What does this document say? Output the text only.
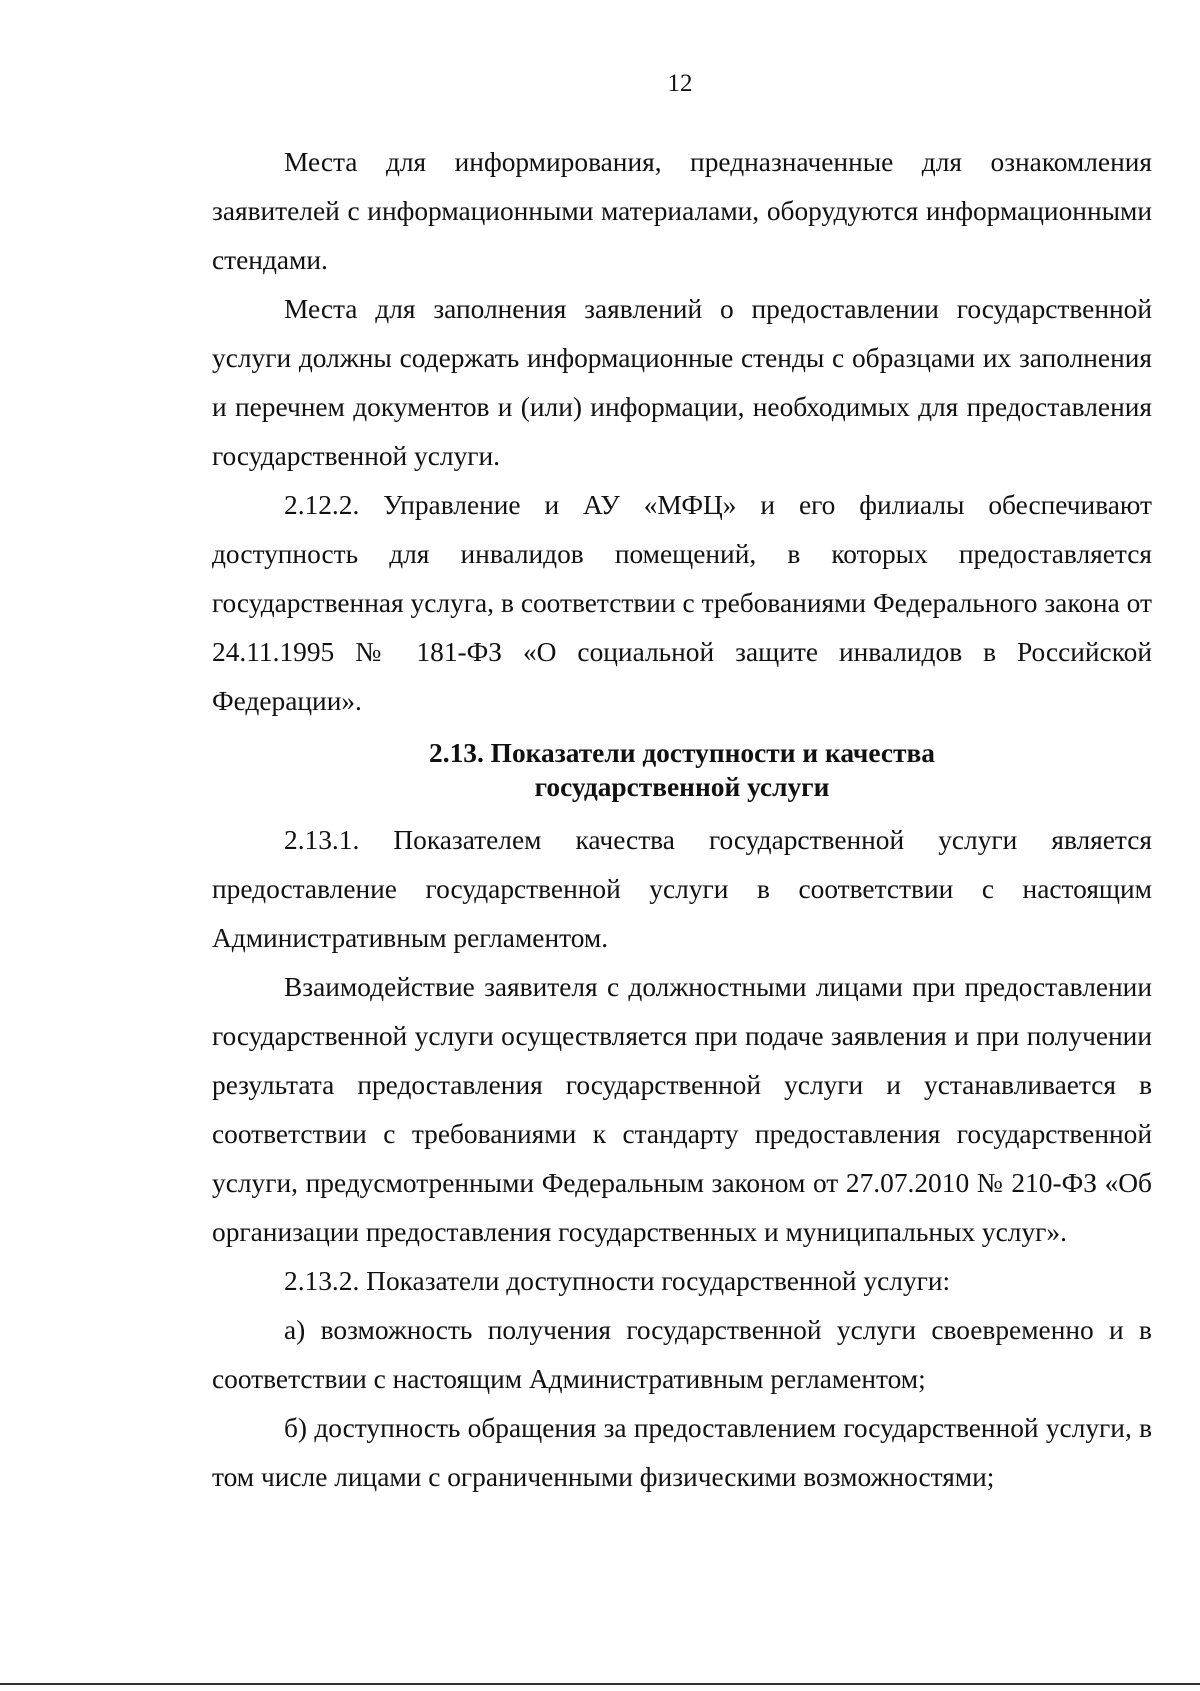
12

Места для информирования, предназначенные для ознакомления заявителей с информационными материалами, оборудуются информационными стендами.

Места для заполнения заявлений о предоставлении государственной услуги должны содержать информационные стенды с образцами их заполнения и перечнем документов и (или) информации, необходимых для предоставления государственной услуги.

2.12.2. Управление и АУ «МФЦ» и его филиалы обеспечивают доступность для инвалидов помещений, в которых предоставляется государственная услуга, в соответствии с требованиями Федерального закона от 24.11.1995 № 181-ФЗ «О социальной защите инвалидов в Российской Федерации».

2.13. Показатели доступности и качества
государственной услуги

2.13.1. Показателем качества государственной услуги является предоставление государственной услуги в соответствии с настоящим Административным регламентом.

Взаимодействие заявителя с должностными лицами при предоставлении государственной услуги осуществляется при подаче заявления и при получении результата предоставления государственной услуги и устанавливается в соответствии с требованиями к стандарту предоставления государственной услуги, предусмотренными Федеральным законом от 27.07.2010 № 210-ФЗ «Об организации предоставления государственных и муниципальных услуг».

2.13.2. Показатели доступности государственной услуги:

а) возможность получения государственной услуги своевременно и в соответствии с настоящим Административным регламентом;

б) доступность обращения за предоставлением государственной услуги, в том числе лицами с ограниченными физическими возможностями;
